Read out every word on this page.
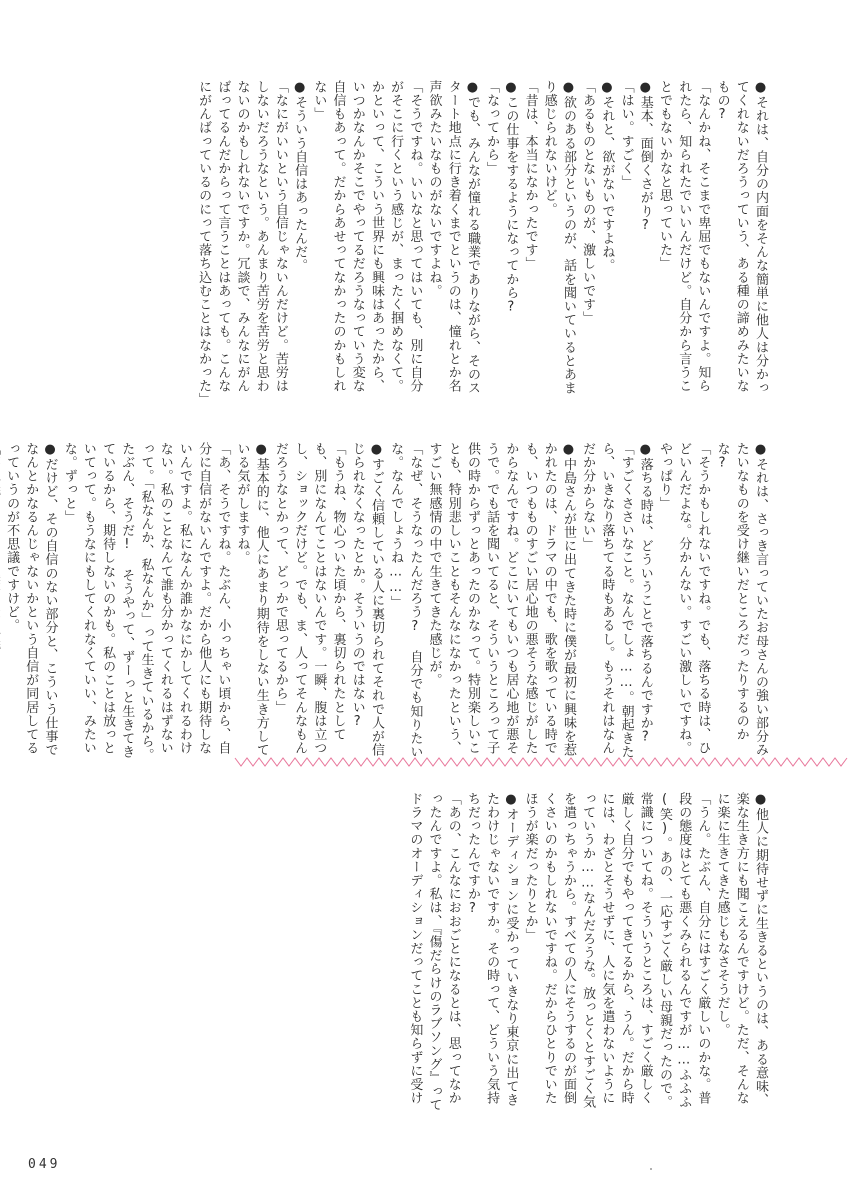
●それは、自分の内面をそんな簡単に他人は分かってくれないだろうっていう、ある種の諦めみたいなもの?

「なんかね、そこまで卑屈でもないんですよ。知られたら、知られたでいいんだけど。自分から言うことでもないかなと思っていた」

●基本、面倒くさがり?

「はい。すごく」

●それと、欲がないですよね。

「あるものとないものが、激しいです」

●欲のある部分というのが、話を聞いているとあまり感じられないけど。

「昔は、本当になかったです」

●この仕事をするようになってから?

「なってから」

●でも、みんなが憧れる職業でありながら、そのスタート地点に行き着くまでというのは、憧れとか名声欲みたいなものがないですよね。

「そうですね。いいなと思ってはいても、別に自分がそこに行くという感じが、まったく掴めなくて。かといって、こういう世界にも興味はあったから、いつかなんかそこでやってるだろうなっていう変な自信もあって。だからあせってなかったのかもしれない」

●そういう自信はあったんだ。

「なにがいいという自信じゃないんだけど。苦労はしないだろうなという。あんまり苦労を苦労と思わないのかもしれないですか。冗談で、みんなにがんばってるんだからって言うことはあっても。こんなにがんばっているのにって落ち込むことはなかった」

●それは、さっき言っていたお母さんの強い部分みたいなものを受け継いだところだったりするのかな?

「そうかもしれないですね。でも、落ちる時は、ひどいんだよな。分かんない。すごい激しいですね。やっぱり」

●落ちる時は、どういうことで落ちるんですか?

「すごくささいなこと。なんでしょ……。朝起きたら、いきなり落ちてる時もあるし。もうそれはなんだか分からない」

●中島さんが世に出てきた時に僕が最初に興味を惹かれたのは、ドラマの中でも、歌を歌っている時でも、いつもものすごい居心地の悪そうな感じがしたからなんですね。どこにいてもいつも居心地が悪そうで。でも話を聞いてると、そういうところって子供の時からずっとあったのかなって。特別楽しいことも、特別悲しいこともそんなになかったという、すごい無感情の中で生きてきた感じが。

「なぜ、そうなったんだろう? 自分でも知りたいな。なんでしょうね……」

●すごく信頼している人に裏切られてそれで人が信じられなくなったとか。そういうのではない?

「もうね、物心ついた頃から、裏切られたとしても、別になんてことはないんです。一瞬、腹は立つし、ショックだけど。でも、ま、人ってそんなもんだろうなとかって、どっかで思ってるから」

●基本的に、他人にあまり期待をしない生き方している気がしますね。

「あ、そうですね。たぶん、小っちゃい頃から、自分に自信がないんですよ。だから他人にも期待しないんですよ。私になんか誰かなにかしてくれるわけない。私のことなんて誰も分かってくれるはずないって。「私なんか、私なんか」って生きているから。たぶん、そうだ! そうやって、ずーっと生きてきているから、期待しないのかも。私のことは放っといてって。もうなにもしてくれなくていい、みたいな。ずっと」

●だけど、その自信のない部分と、こういう仕事でなんとかなるんじゃないかという自信が同居してるっていうのが不思議ですけど。

●他人に期待せずに生きるというのは、ある意味、楽な生き方にも聞こえるんですけど。ただ、そんなに楽に生きてきた感じもなさそうだし。

「うん。たぶん、自分にはすごく厳しいのかな。普段の態度はとても悪くみられるんですが……ふふふ(笑)。あの、一応すごく厳しい母親だったので。常識についてね。そういうところは、すごく厳しく厳しく自分でもやってきてるから、うん。だから時には、わざとそうせずに、人に気を遣わないようにっていうか……なんだろうな。放っとくとすごく気を遣っちゃうから。すべての人にそうするのが面倒くさいのかもしれないですね。だからひとりでいたほうが楽だったりとか」

●オーディションに受かっていきなり東京に出てきたわけじゃないですか。その時って、どういう気持ちだったんですか?

「あの、こんなにおおごとになるとは、思ってなかったんですよ。私は、『傷だらけのラブソング』ってドラマのオーディションだってことも知らずに受け

049
